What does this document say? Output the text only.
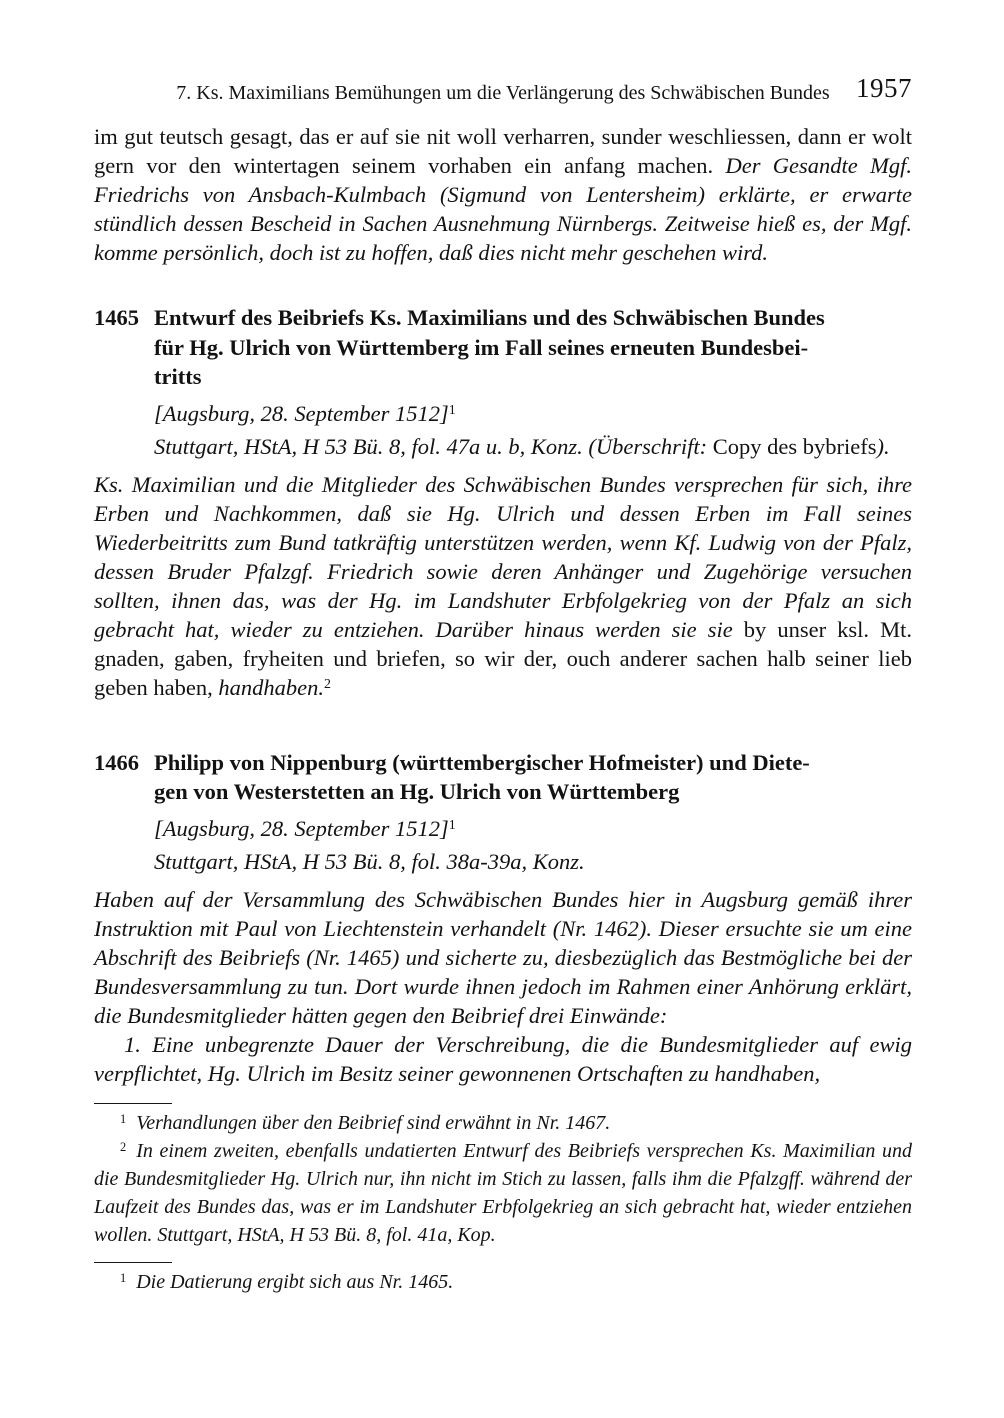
7. Ks. Maximilians Bemühungen um die Verlängerung des Schwäbischen Bundes 1957

im gut teutsch gesagt, das er auf sie nit woll verharren, sunder weschliessen, dann er wolt gern vor den wintertagen seinem vorhaben ein anfang machen. Der Gesandte Mgf. Friedrichs von Ansbach-Kulmbach (Sigmund von Lentersheim) erklärte, er erwarte stündlich dessen Bescheid in Sachen Ausnehmung Nürnbergs. Zeitweise hieß es, der Mgf. komme persönlich, doch ist zu hoffen, daß dies nicht mehr geschehen wird.

1465 Entwurf des Beibriefs Ks. Maximilians und des Schwäbischen Bundes
für Hg. Ulrich von Württemberg im Fall seines erneuten Bundesbei-
tritts

[Augsburg, 28. September 1512]$^1$

Stuttgart, HStA, H 53 Bü. 8, fol. 47a u. b, Konz. (Überschrift: Copy des bybriefs).

Ks. Maximilian und die Mitglieder des Schwäbischen Bundes versprechen für sich, ihre Erben und Nachkommen, daß sie Hg. Ulrich und dessen Erben im Fall seines Wiederbeitritts zum Bund tatkräftig unterstützen werden, wenn Kf. Ludwig von der Pfalz, dessen Bruder Pfalzgf. Friedrich sowie deren Anhänger und Zugehörige versuchen sollten, ihnen das, was der Hg. im Landshuter Erbfolgekrieg von der Pfalz an sich gebracht hat, wieder zu entziehen. Darüber hinaus werden sie sie by unser ksl. Mt. gnaden, gaben, fryheiten und briefen, so wir der, ouch anderer sachen halb seiner lieb geben haben, handhaben.$^2$

1466 Philipp von Nippenburg (württembergischer Hofmeister) und Diete-
gen von Westerstetten an Hg. Ulrich von Württemberg

[Augsburg, 28. September 1512]$^1$

Stuttgart, HStA, H 53 Bü. 8, fol. 38a-39a, Konz.

Haben auf der Versammlung des Schwäbischen Bundes hier in Augsburg gemäß ihrer Instruktion mit Paul von Liechtenstein verhandelt (Nr. 1462). Dieser ersuchte sie um eine Abschrift des Beibriefs (Nr. 1465) und sicherte zu, diesbezüglich das Bestmögliche bei der Bundesversammlung zu tun. Dort wurde ihnen jedoch im Rahmen einer Anhörung erklärt, die Bundesmitglieder hätten gegen den Beibrief drei Einwände:

1. Eine unbegrenzte Dauer der Verschreibung, die die Bundesmitglieder auf ewig verpflichtet, Hg. Ulrich im Besitz seiner gewonnenen Ortschaften zu handhaben,

$^1$ Verhandlungen über den Beibrief sind erwähnt in Nr. 1467.

$^2$ In einem zweiten, ebenfalls undatierten Entwurf des Beibriefs versprechen Ks. Maximilian und die Bundesmitglieder Hg. Ulrich nur, ihn nicht im Stich zu lassen, falls ihm die Pfalzgff. während der Laufzeit des Bundes das, was er im Landshuter Erbfolgekrieg an sich gebracht hat, wieder entziehen wollen. Stuttgart, HStA, H 53 Bü. 8, fol. 41a, Kop.

$^1$ Die Datierung ergibt sich aus Nr. 1465.
